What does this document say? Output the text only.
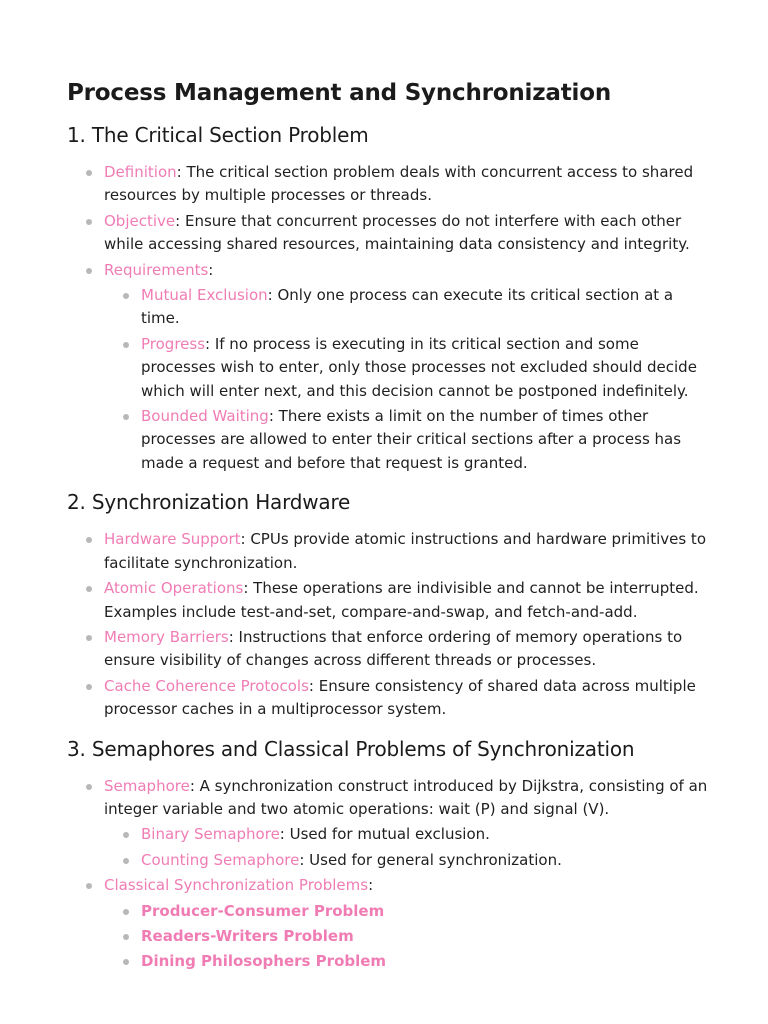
Process Management and Synchronization
1. The Critical Section Problem
Definition: The critical section problem deals with concurrent access to shared resources by multiple processes or threads.
Objective: Ensure that concurrent processes do not interfere with each other while accessing shared resources, maintaining data consistency and integrity.
Requirements:
Mutual Exclusion: Only one process can execute its critical section at a time.
Progress: If no process is executing in its critical section and some processes wish to enter, only those processes not excluded should decide which will enter next, and this decision cannot be postponed indefinitely.
Bounded Waiting: There exists a limit on the number of times other processes are allowed to enter their critical sections after a process has made a request and before that request is granted.
2. Synchronization Hardware
Hardware Support: CPUs provide atomic instructions and hardware primitives to facilitate synchronization.
Atomic Operations: These operations are indivisible and cannot be interrupted. Examples include test-and-set, compare-and-swap, and fetch-and-add.
Memory Barriers: Instructions that enforce ordering of memory operations to ensure visibility of changes across different threads or processes.
Cache Coherence Protocols: Ensure consistency of shared data across multiple processor caches in a multiprocessor system.
3. Semaphores and Classical Problems of Synchronization
Semaphore: A synchronization construct introduced by Dijkstra, consisting of an integer variable and two atomic operations: wait (P) and signal (V).
Binary Semaphore: Used for mutual exclusion.
Counting Semaphore: Used for general synchronization.
Classical Synchronization Problems:
Producer-Consumer Problem
Readers-Writers Problem
Dining Philosophers Problem
